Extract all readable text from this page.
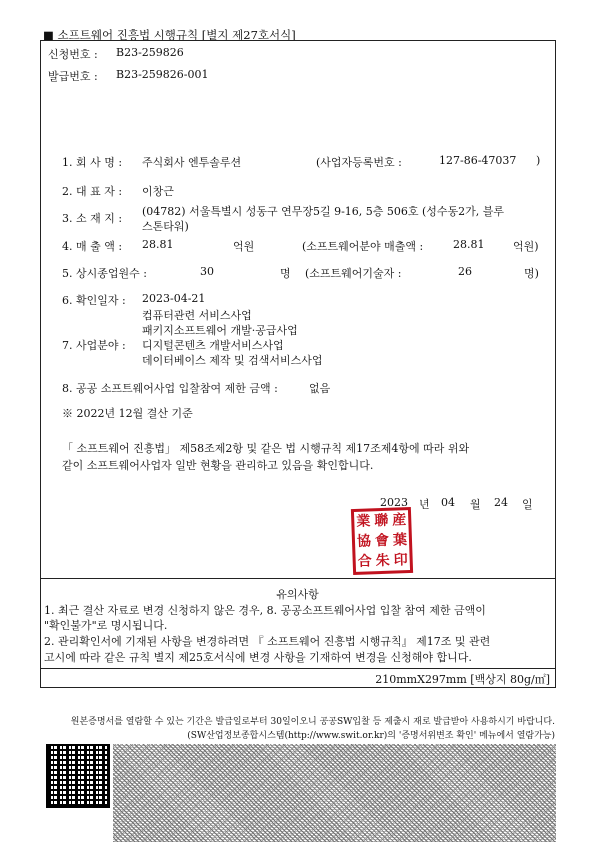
■ 소프트웨어 진흥법 시행규칙 [별지 제27호서식]
신청번호 : B23-259826
발급번호 : B23-259826-001
1. 회 사 명 : 주식회사 엔투솔루션	(사업자등록번호 :	127-86-47037 )
2. 대 표 자 : 이창근
3. 소 재 지 :
(04782) 서울특별시 성동구 연무장5길 9-16, 5층 506호 (성수동2가, 블루
스톤타워)
4. 매 출 액 : 28.81	억원	(소프트웨어분야 매출액 :	28.81	억원)
5. 상시종업원수 :	30	명 (소프트웨어기술자 :	26	명)
6. 확인일자 : 2023-04-21
컴퓨터관련 서비스사업
패키지소프트웨어 개발·공급사업
7. 사업분야 : 디지털콘텐츠 개발서비스사업
데이터베이스 제작 및 검색서비스사업
8. 공공 소프트웨어사업 입찰참여 제한 금액 :	없음
※ 2022년 12월 결산 기준
「 소프트웨어 진흥법」 제58조제2항 및 같은 법 시행규칙 제17조제4항에 따라 위와
같이 소프트웨어사업자 일반 현황을 관리하고 있음을 확인합니다.
2023 년 04 월 24 일
業 聯 産
協 會 葉
合 朱 印
유의사항
1. 최근 결산 자료로 변경 신청하지 않은 경우, 8. 공공소프트웨어사업 입찰 참여 제한 금액이
"확인불가"로 명시됩니다.
2. 관리확인서에 기재된 사항을 변경하려면 『 소프트웨어 진흥법 시행규칙』 제17조 및 관련
고시에 따라 같은 규칙 별지 제25호서식에 변경 사항을 기재하여 변경을 신청해야 합니다.
210mmX297mm [백상지 80g/㎡]
원본증명서를 열람할 수 있는 기간은 발급일로부터 30일이오니 공공SW입찰 등 제출시 재로 발급받아 사용하시기 바랍니다.
(SW산업정보종합시스템(http://www.swit.or.kr)의 '증명서위변조 확인' 메뉴에서 열람가능)
